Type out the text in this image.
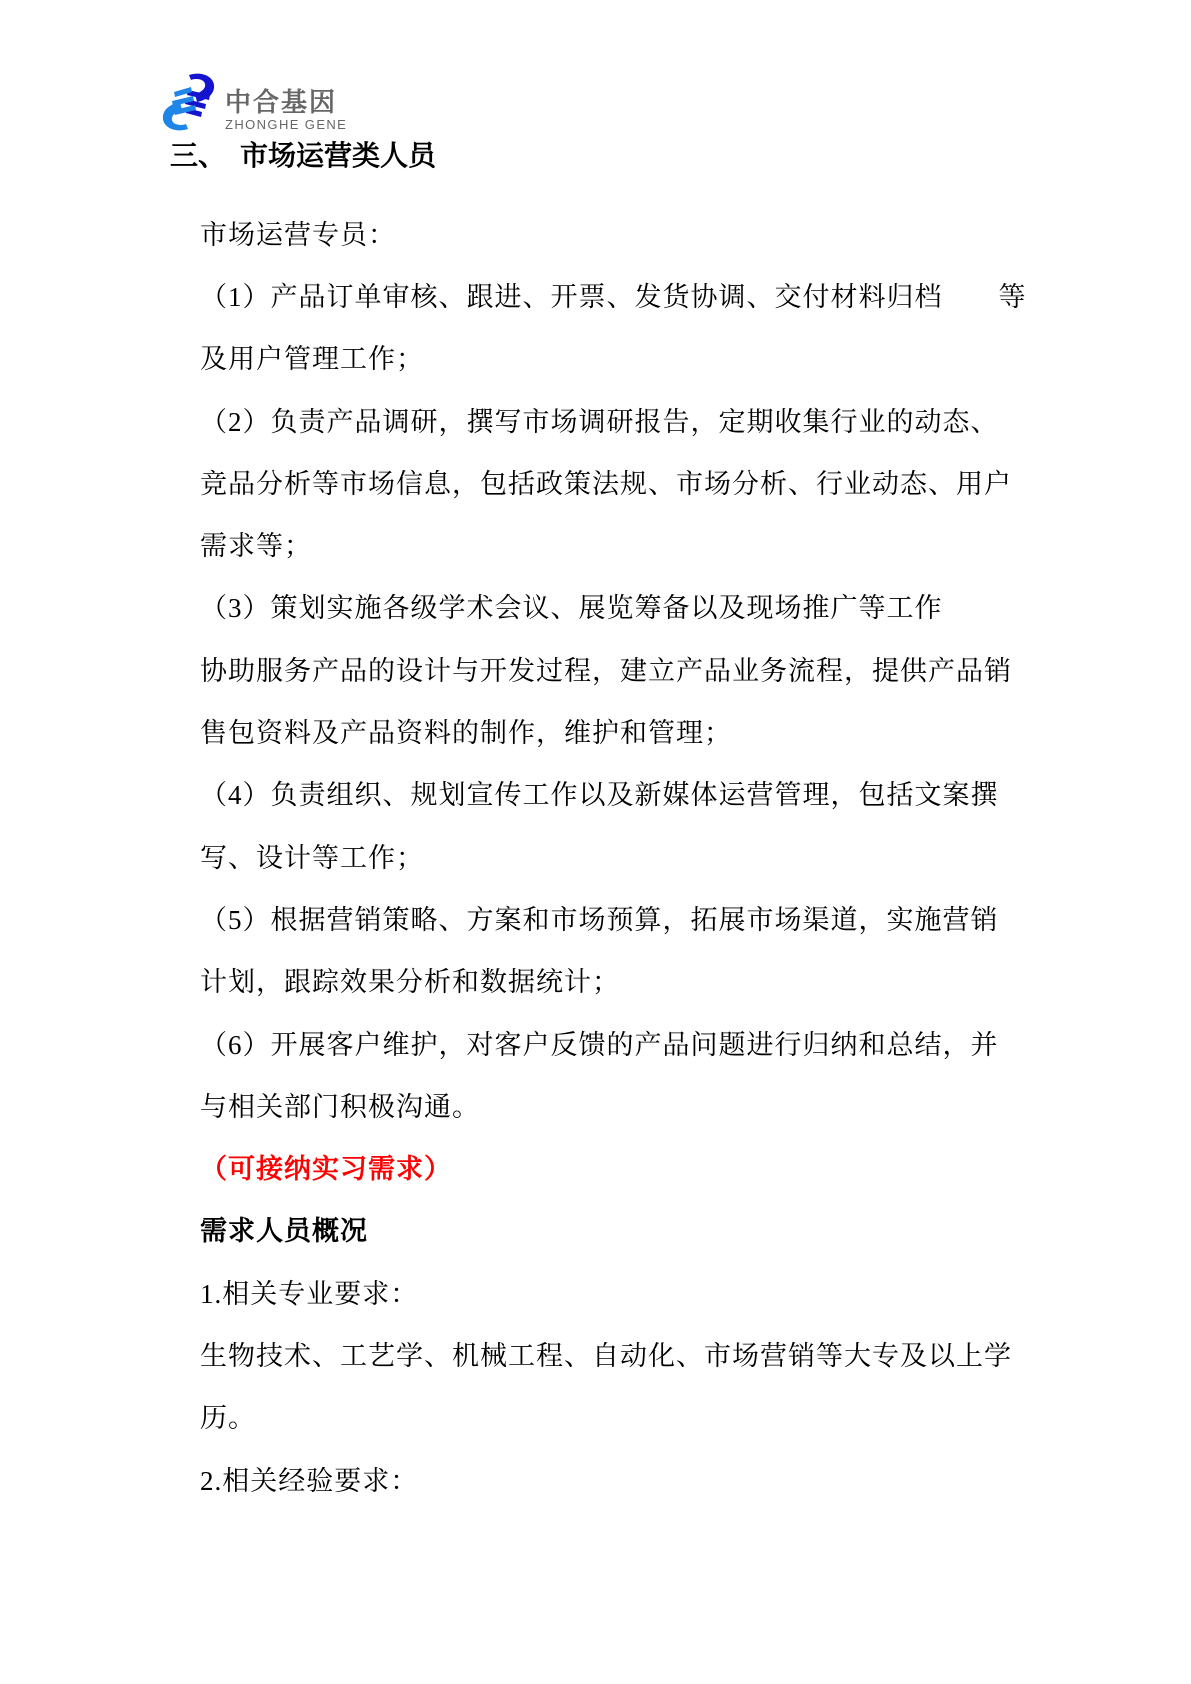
中合基因
ZHONGHE GENE
三、 市场运营类人员
市场运营专员：
（1）产品订单审核、跟进、开票、发货协调、交付材料归档　　等
及用户管理工作；
（2）负责产品调研，撰写市场调研报告，定期收集行业的动态、
竞品分析等市场信息，包括政策法规、市场分析、行业动态、用户
需求等；
（3）策划实施各级学术会议、展览筹备以及现场推广等工作
协助服务产品的设计与开发过程，建立产品业务流程，提供产品销
售包资料及产品资料的制作，维护和管理；
（4）负责组织、规划宣传工作以及新媒体运营管理，包括文案撰
写、设计等工作；
（5）根据营销策略、方案和市场预算，拓展市场渠道，实施营销
计划，跟踪效果分析和数据统计；
（6）开展客户维护，对客户反馈的产品问题进行归纳和总结，并
与相关部门积极沟通。
（可接纳实习需求）
需求人员概况
1.相关专业要求：
生物技术、工艺学、机械工程、自动化、市场营销等大专及以上学
历。
2.相关经验要求：
